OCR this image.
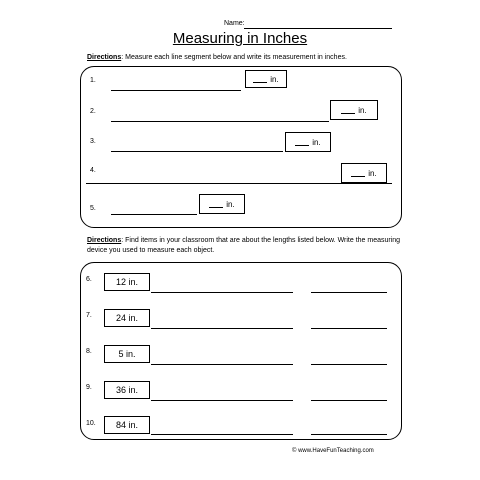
Name:
Measuring in Inches
Directions: Measure each line segment below and write its measurement in inches.
1.	in.
2.	in.
3.	in.
4.	in.
5.	in.
Directions: Find items in your classroom that are about the lengths listed below. Write the measuring device you used to measure each object.
6.	12 in.
7.	24 in.
8.	5 in.
9.	36 in.
10.	84 in.
© www.HaveFunTeaching.com
